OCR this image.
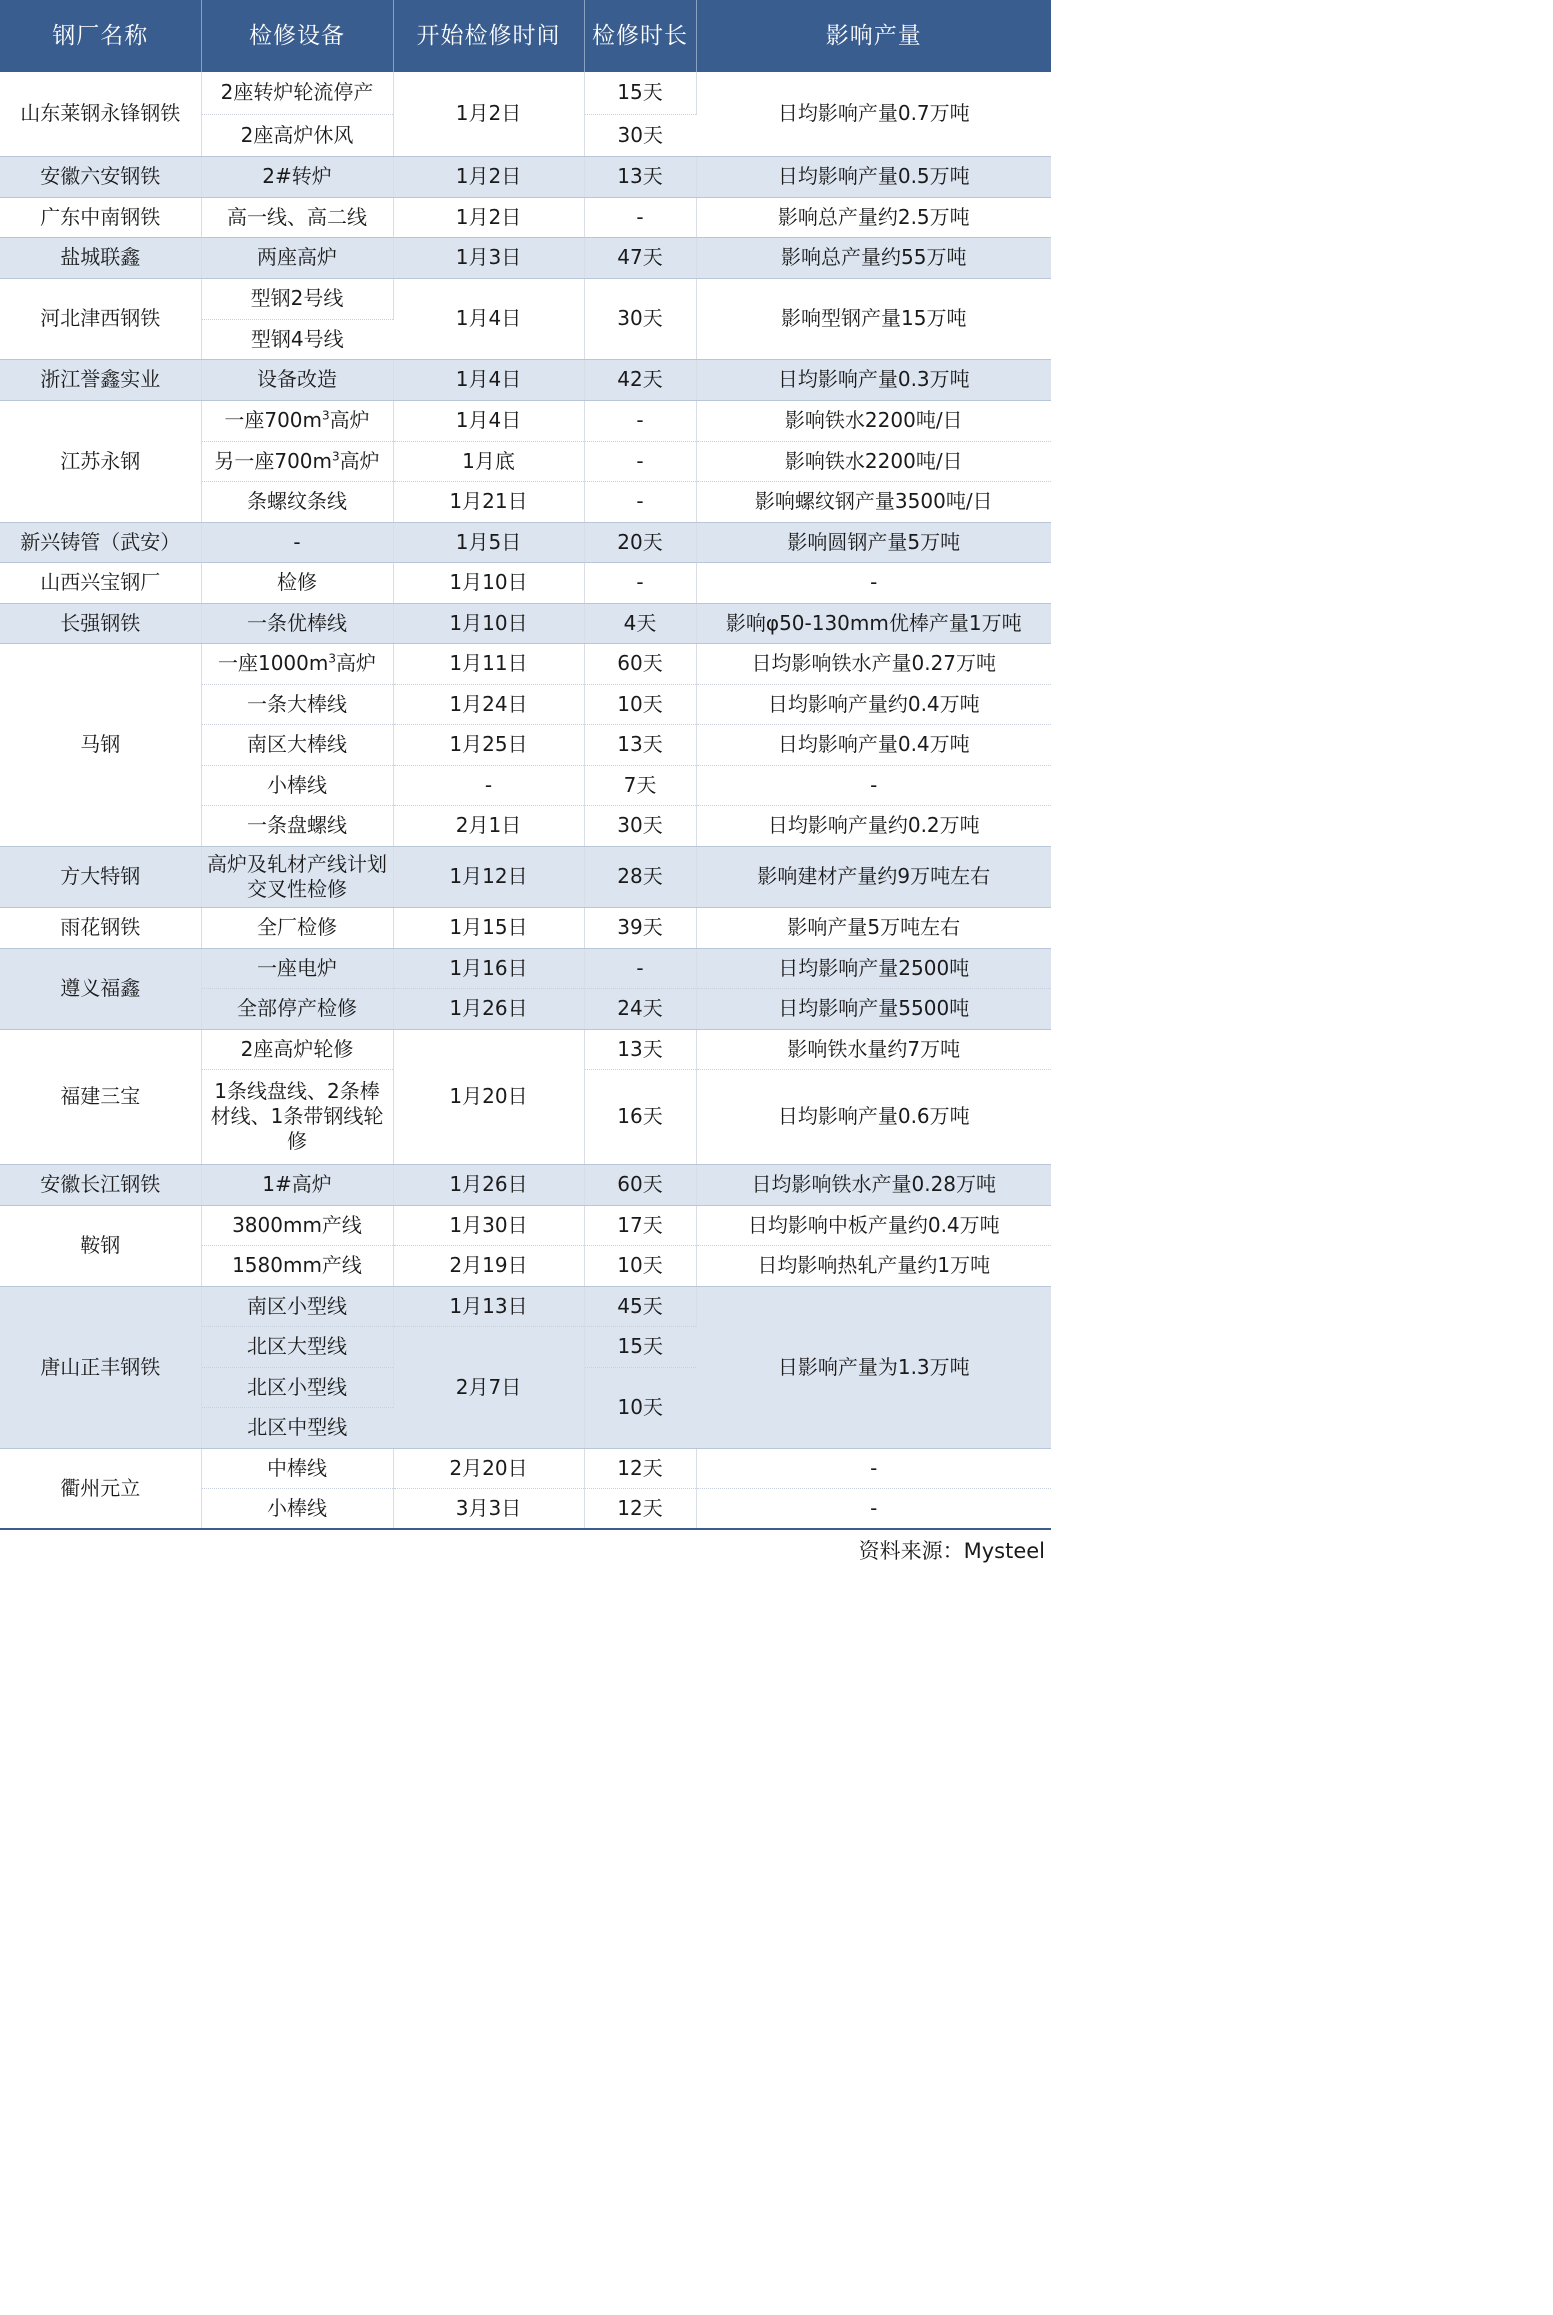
钢厂名称	检修设备	开始检修时间	检修时长	影响产量
山东莱钢永锋钢铁	2座转炉轮流停产	1月2日	15天	日均影响产量0.7万吨
	2座高炉休风		30天	
安徽六安钢铁	2#转炉	1月2日	13天	日均影响产量0.5万吨
广东中南钢铁	高一线、高二线	1月2日	-	影响总产量约2.5万吨
盐城联鑫	两座高炉	1月3日	47天	影响总产量约55万吨
河北津西钢铁	型钢2号线	1月4日	30天	影响型钢产量15万吨
	型钢4号线			
浙江誉鑫实业	设备改造	1月4日	42天	日均影响产量0.3万吨
江苏永钢	一座$700m^3$高炉	1月4日	-	影响铁水2200吨/日
	另一座$700m^3$高炉	1月底	-	影响铁水2200吨/日
	条螺纹条线	1月21日	-	影响螺纹钢产量3500吨/日
新兴铸管（武安）	-	1月5日	20天	影响圆钢产量5万吨
山西兴宝钢厂	检修	1月10日	-	-
长强钢铁	一条优棒线	1月10日	4天	影响φ50-130mm优棒产量1万吨
马钢	一座$1000m^3$高炉	1月11日	60天	日均影响铁水产量0.27万吨
	一条大棒线	1月24日	10天	日均影响产量约0.4万吨
	南区大棒线	1月25日	13天	日均影响产量0.4万吨
	小棒线	-	7天	-
	一条盘螺线	2月1日	30天	日均影响产量约0.2万吨
方大特钢	高炉及轧材产线计划交叉性检修	1月12日	28天	影响建材产量约9万吨左右
雨花钢铁	全厂检修	1月15日	39天	影响产量5万吨左右
遵义福鑫	一座电炉	1月16日	-	日均影响产量2500吨
	全部停产检修	1月26日	24天	日均影响产量5500吨
福建三宝	2座高炉轮修	1月20日	13天	影响铁水量约7万吨
	1条线盘线、2条棒材线、1条带钢线轮修		16天	日均影响产量0.6万吨
安徽长江钢铁	1#高炉	1月26日	60天	日均影响铁水产量0.28万吨
鞍钢	3800mm产线	1月30日	17天	日均影响中板产量约0.4万吨
	1580mm产线	2月19日	10天	日均影响热轧产量约1万吨
唐山正丰钢铁	南区小型线	1月13日	45天	日影响产量为1.3万吨
	北区大型线	2月7日	15天	
	北区小型线		10天	
	北区中型线			
衢州元立	中棒线	2月20日	12天	-
	小棒线	3月3日	12天	-
资料来源：Mysteel
